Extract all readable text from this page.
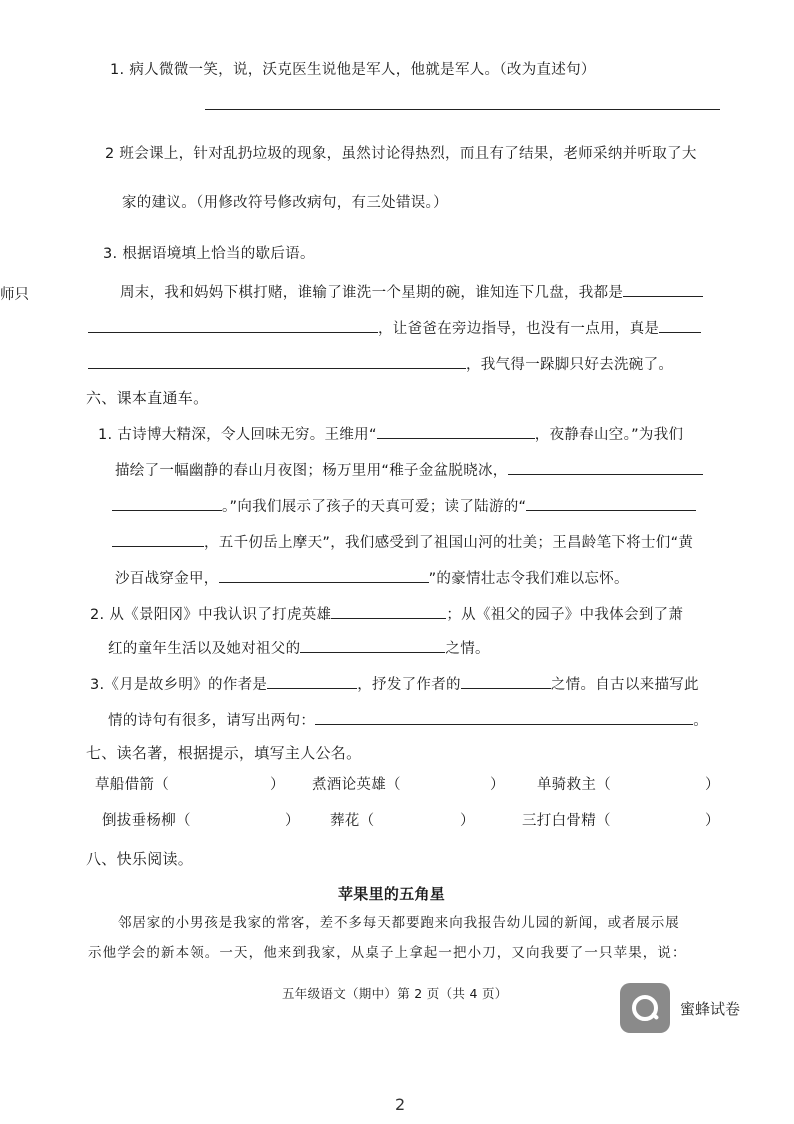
1. 病人微微一笑，说，沃克医生说他是军人，他就是军人。（改为直述句）
2 班会课上，针对乱扔垃圾的现象，虽然讨论得热烈，而且有了结果，老师采纳并听取了大
家的建议。（用修改符号修改病句，有三处错误。）
3. 根据语境填上恰当的歇后语。
师只	周末，我和妈妈下棋打赌，谁输了谁洗一个星期的碗，谁知连下几盘，我都是
，让爸爸在旁边指导，也没有一点用，真是
，我气得一跺脚只好去洗碗了。
六、课本直通车。
1. 古诗博大精深，令人回味无穷。王维用“	，夜静春山空。”为我们
描绘了一幅幽静的春山月夜图；杨万里用“稚子金盆脱晓冰，
。”向我们展示了孩子的天真可爱；读了陆游的“
，五千仞岳上摩天”，我们感受到了祖国山河的壮美；王昌龄笔下将士们“黄
沙百战穿金甲，	”的豪情壮志令我们难以忘怀。
2. 从《景阳冈》中我认识了打虎英雄	；从《祖父的园子》中我体会到了萧
红的童年生活以及她对祖父的	之情。
3.《月是故乡明》的作者是	，抒发了作者的	之情。自古以来描写此
情的诗句有很多，请写出两句：	。
七、读名著，根据提示，填写主人公名。
草船借箭（	） 煮酒论英雄（	） 单骑救主（	）
倒拔垂杨柳（	） 葬花（	）	三打白骨精（	）
八、快乐阅读。
苹果里的五角星
邻居家的小男孩是我家的常客，差不多每天都要跑来向我报告幼儿园的新闻，或者展示展
示他学会的新本领。一天，他来到我家，从桌子上拿起一把小刀，又向我要了一只苹果，说：
五年级语文（期中）第 2 页（共 4 页）
蜜蜂试卷
2
